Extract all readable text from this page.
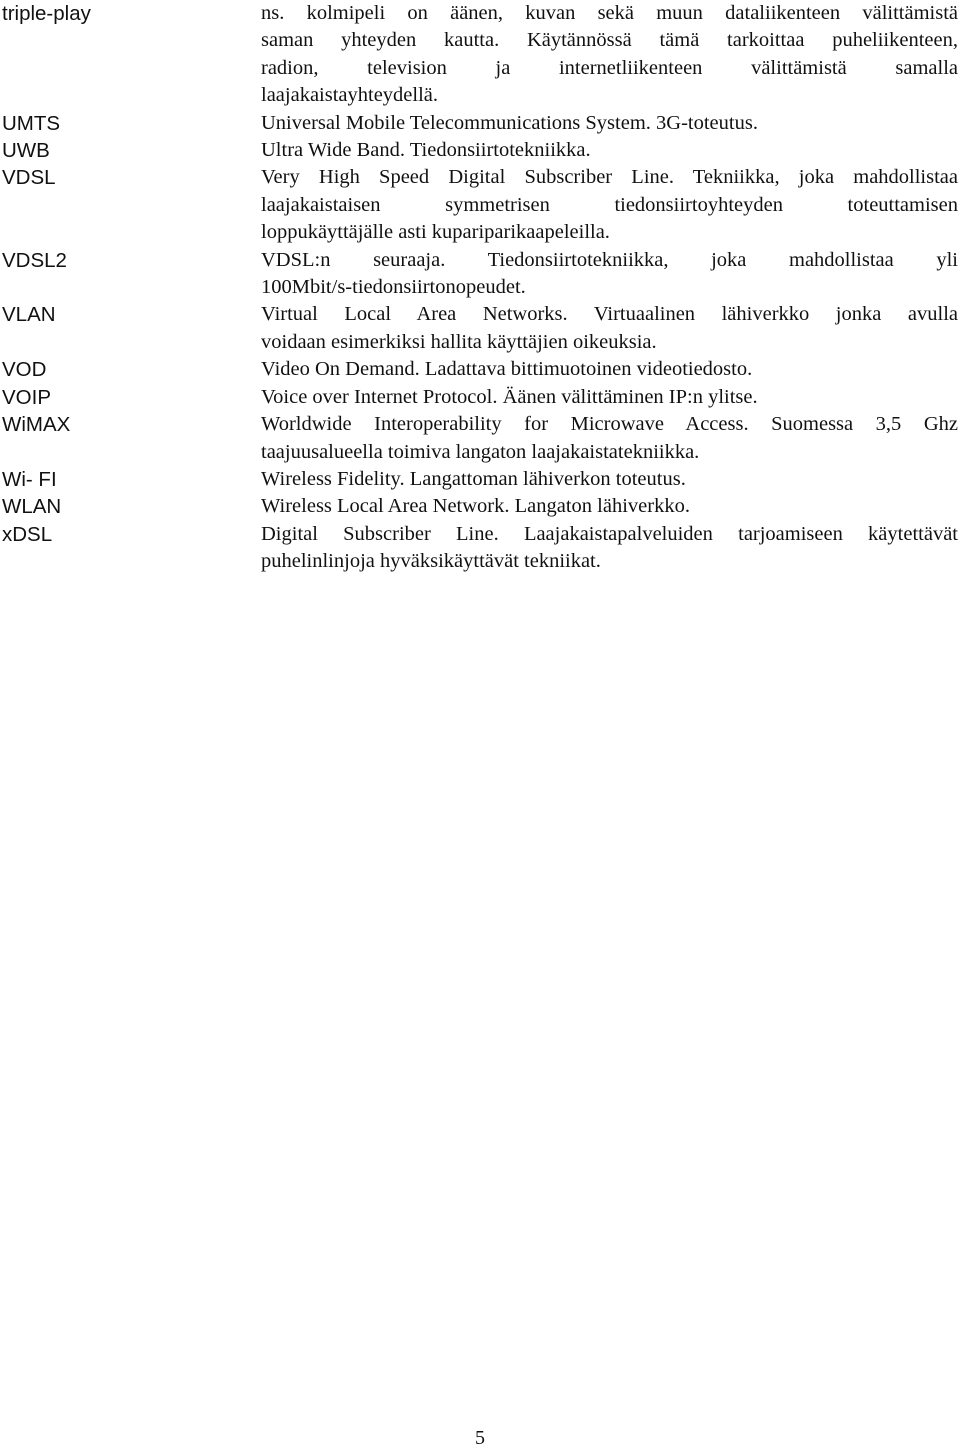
triple-play	ns. kolmipeli on äänen, kuvan sekä muun dataliikenteen välittämistä
saman yhteyden kautta. Käytännössä tämä tarkoittaa puheliikenteen,
radion, television ja internetliikenteen välittämistä samalla
laajakaistayhteydellä.
UMTS	Universal Mobile Telecommunications System. 3G-toteutus.
UWB	Ultra Wide Band. Tiedonsiirtotekniikka.
VDSL	Very High Speed Digital Subscriber Line. Tekniikka, joka mahdollistaa
laajakaistaisen symmetrisen tiedonsiirtoyhteyden toteuttamisen
loppukäyttäjälle asti kupariparikaapeleilla.
VDSL2	VDSL:n seuraaja. Tiedonsiirtotekniikka, joka mahdollistaa yli
100Mbit/s-tiedonsiirtonopeudet.
VLAN	Virtual Local Area Networks. Virtuaalinen lähiverkko jonka avulla
voidaan esimerkiksi hallita käyttäjien oikeuksia.
VOD	Video On Demand. Ladattava bittimuotoinen videotiedosto.
VOIP	Voice over Internet Protocol. Äänen välittäminen IP:n ylitse.
WiMAX	Worldwide Interoperability for Microwave Access. Suomessa 3,5 Ghz
taajuusalueella toimiva langaton laajakaistatekniikka.
Wi- FI	Wireless Fidelity. Langattoman lähiverkon toteutus.
WLAN	Wireless Local Area Network. Langaton lähiverkko.
xDSL	Digital Subscriber Line. Laajakaistapalveluiden tarjoamiseen käytettävät
puhelinlinjoja hyväksikäyttävät tekniikat.
5
